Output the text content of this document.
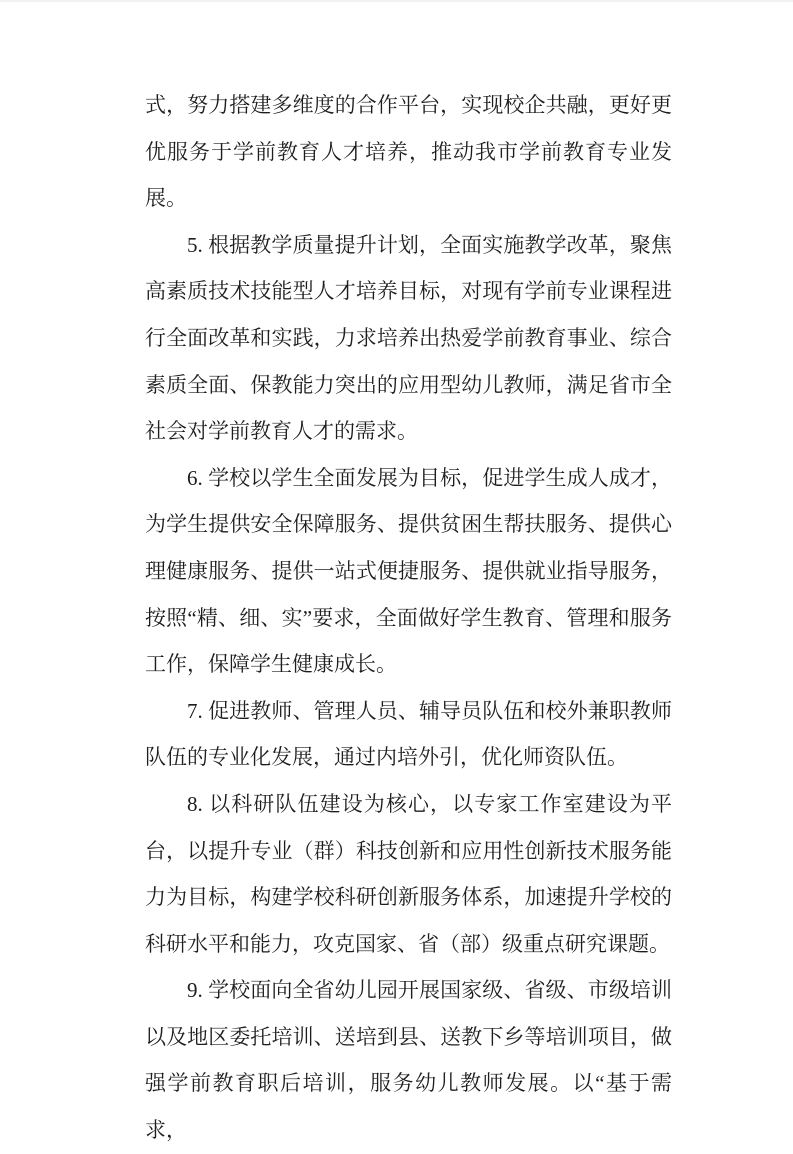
式，努力搭建多维度的合作平台，实现校企共融，更好更优服务于学前教育人才培养，推动我市学前教育专业发展。

5. 根据教学质量提升计划，全面实施教学改革，聚焦高素质技术技能型人才培养目标，对现有学前专业课程进行全面改革和实践，力求培养出热爱学前教育事业、综合素质全面、保教能力突出的应用型幼儿教师，满足省市全社会对学前教育人才的需求。

6. 学校以学生全面发展为目标，促进学生成人成才，为学生提供安全保障服务、提供贫困生帮扶服务、提供心理健康服务、提供一站式便捷服务、提供就业指导服务，按照“精、细、实”要求，全面做好学生教育、管理和服务工作，保障学生健康成长。

7. 促进教师、管理人员、辅导员队伍和校外兼职教师队伍的专业化发展，通过内培外引，优化师资队伍。

8. 以科研队伍建设为核心，以专家工作室建设为平台，以提升专业（群）科技创新和应用性创新技术服务能力为目标，构建学校科研创新服务体系，加速提升学校的科研水平和能力，攻克国家、省（部）级重点研究课题。

9. 学校面向全省幼儿园开展国家级、省级、市级培训以及地区委托培训、送培到县、送教下乡等培训项目，做强学前教育职后培训，服务幼儿教师发展。以“基于需求，
